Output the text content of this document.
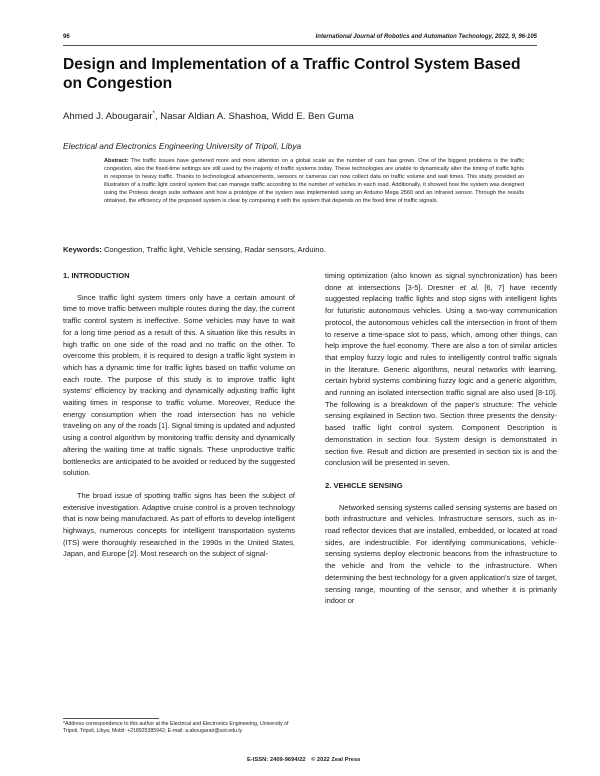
96	International Journal of Robotics and Automation Technology, 2022, 9, 96-105
Design and Implementation of a Traffic Control System Based on Congestion
Ahmed J. Abougarair*, Nasar Aldian A. Shashoa, Widd E. Ben Guma
Electrical and Electronics Engineering University of Tripoli, Libya
Abstract: The traffic issues have garnered more and more attention on a global scale as the number of cars has grown. One of the biggest problems is the traffic congestion, also the fixed-time settings are still used by the majority of traffic systems today. These technologies are unable to dynamically alter the timing of traffic lights in response to heavy traffic. Thanks to technological advancements, sensors or cameras can now collect data on traffic volume and wait times. This study provided an illustration of a traffic light control system that can manage traffic according to the number of vehicles in each road. Additionally, it showed how the system was designed using the Proteus design suite software and how a prototype of the system was implemented using an Arduino Mega 2560 and an infrared sensor. Through the results obtained, the efficiency of the proposed system is clear by comparing it with the system that depends on the fixed time of traffic signals.
Keywords: Congestion, Traffic light, Vehicle sensing, Radar sensors, Arduino.
1. INTRODUCTION

Since traffic light system timers only have a certain amount of time to move traffic between multiple routes during the day, the current traffic control system is ineffective. Some vehicles may have to wait for a long time period as a result of this. A situation like this results in high traffic on one side of the road and no traffic on the other. To overcome this problem, it is required to design a traffic light system in which has a dynamic time for traffic lights based on traffic volume on each route. The purpose of this study is to improve traffic light systems' efficiency by tracking and dynamically adjusting traffic light waiting times in response to traffic volume. Moreover, Reduce the energy consumption when the road intersection has no vehicle traveling on any of the roads [1]. Signal timing is updated and adjusted using a control algorithm by monitoring traffic density and dynamically altering the waiting time at traffic signals. These unproductive traffic bottlenecks are anticipated to be avoided or reduced by the suggested solution.

The broad issue of spotting traffic signs has been the subject of extensive investigation. Adaptive cruise control is a proven technology that is now being manufactured. As part of efforts to develop intelligent highways, numerous concepts for intelligent transportation systems (ITS) were thoroughly researched in the 1990s in the United States, Japan, and Europe [2]. Most research on the subject of signal-

timing optimization (also known as signal synchronization) has been done at intersections [3-5]. Dresner et al. [6, 7] have recently suggested replacing traffic lights and stop signs with intelligent lights for futuristic autonomous vehicles. Using a two-way communication protocol, the autonomous vehicles call the intersection in front of them to reserve a time-space slot to pass, which, among other things, can help improve the fuel economy. There are also a ton of similar articles that employ fuzzy logic and rules to intelligently control traffic signals in the literature. Generic algorithms, neural networks with learning, certain hybrid systems combining fuzzy logic and a generic algorithm, and running an isolated intersection traffic signal are also used [8-10]. The following is a breakdown of the paper's structure: The vehicle sensing explained in Section two. Section three presents the density-based traffic light control system. Component Description is demonstration in section four. System design is demonstrated in section five. Result and diction are presented in section six is and the conclusion will be presented in seven.

2. VEHICLE SENSING

Networked sensing systems called sensing systems are based on both infrastructure and vehicles. Infrastructure sensors, such as in-road reflector devices that are installed, embedded, or located at road sides, are indestructible. For identifying communications, vehicle-sensing systems deploy electronic beacons from the infrastructure to the vehicle and from the vehicle to the infrastructure. When determining the best technology for a given application's size of target, sensing range, mounting of the sensor, and whether it is primarily indoor or

*Address correspondence to this author at the Electrical and Electronics Engineering, University of Tripoli, Tripoli, Libya; Mobil: +218925385942; E-mail: a.abougarair@uot.edu.ly
E-ISSN: 2409-9694/22 © 2022 Zeal Press
